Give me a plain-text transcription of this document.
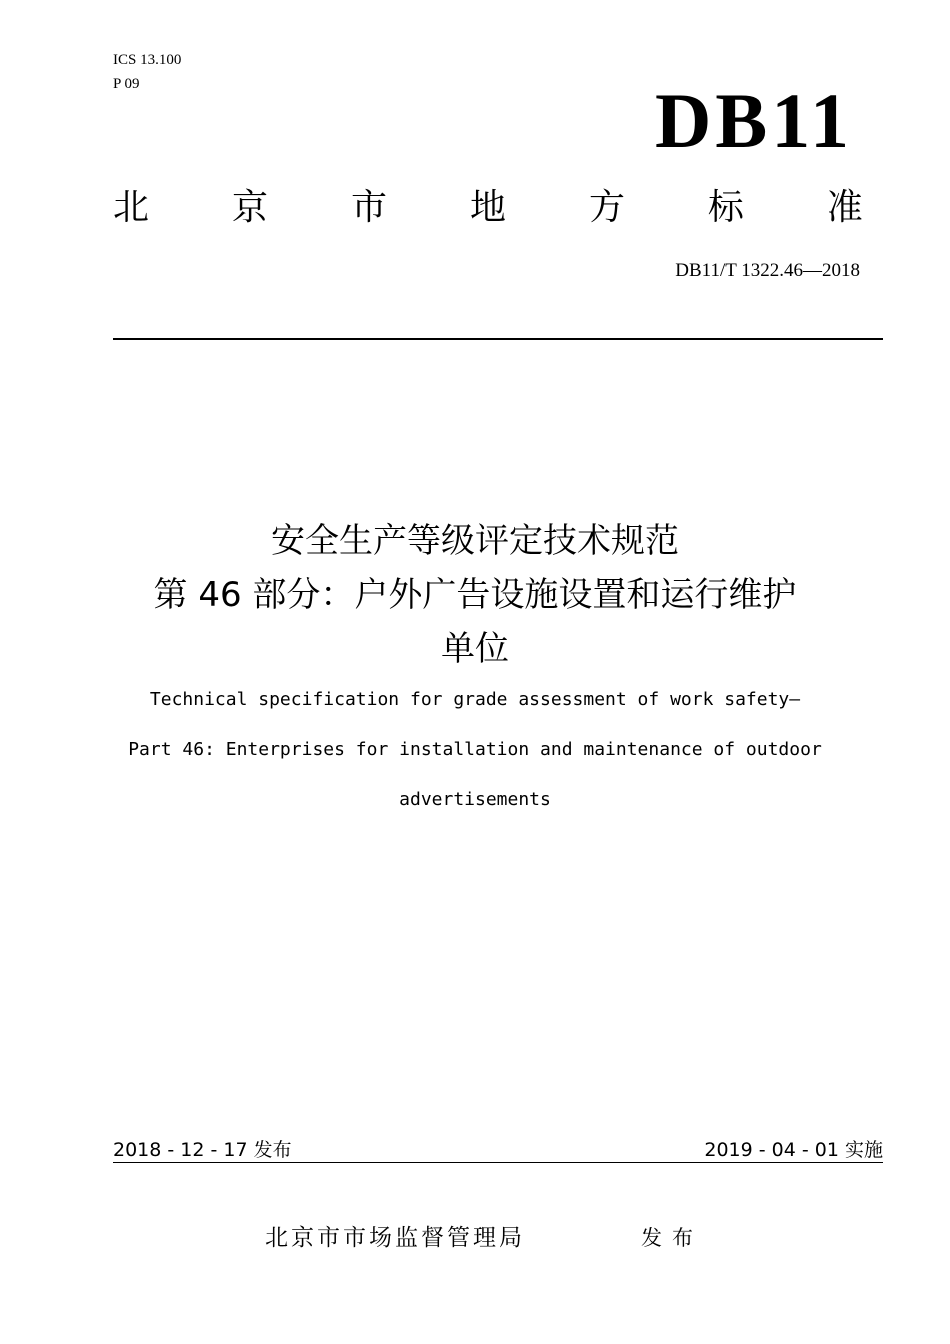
ICS 13.100
P 09	DB11
北 京 市 地 方 标 准
DB11/T 1322.46—2018
安全生产等级评定技术规范
第 46 部分：户外广告设施设置和运行维护
单位
Technical specification for grade assessment of work safety—
Part 46: Enterprises for installation and maintenance of outdoor
advertisements
2018 - 12 - 17 发布	2019 - 04 - 01 实施
北京市市场监督管理局	发布
